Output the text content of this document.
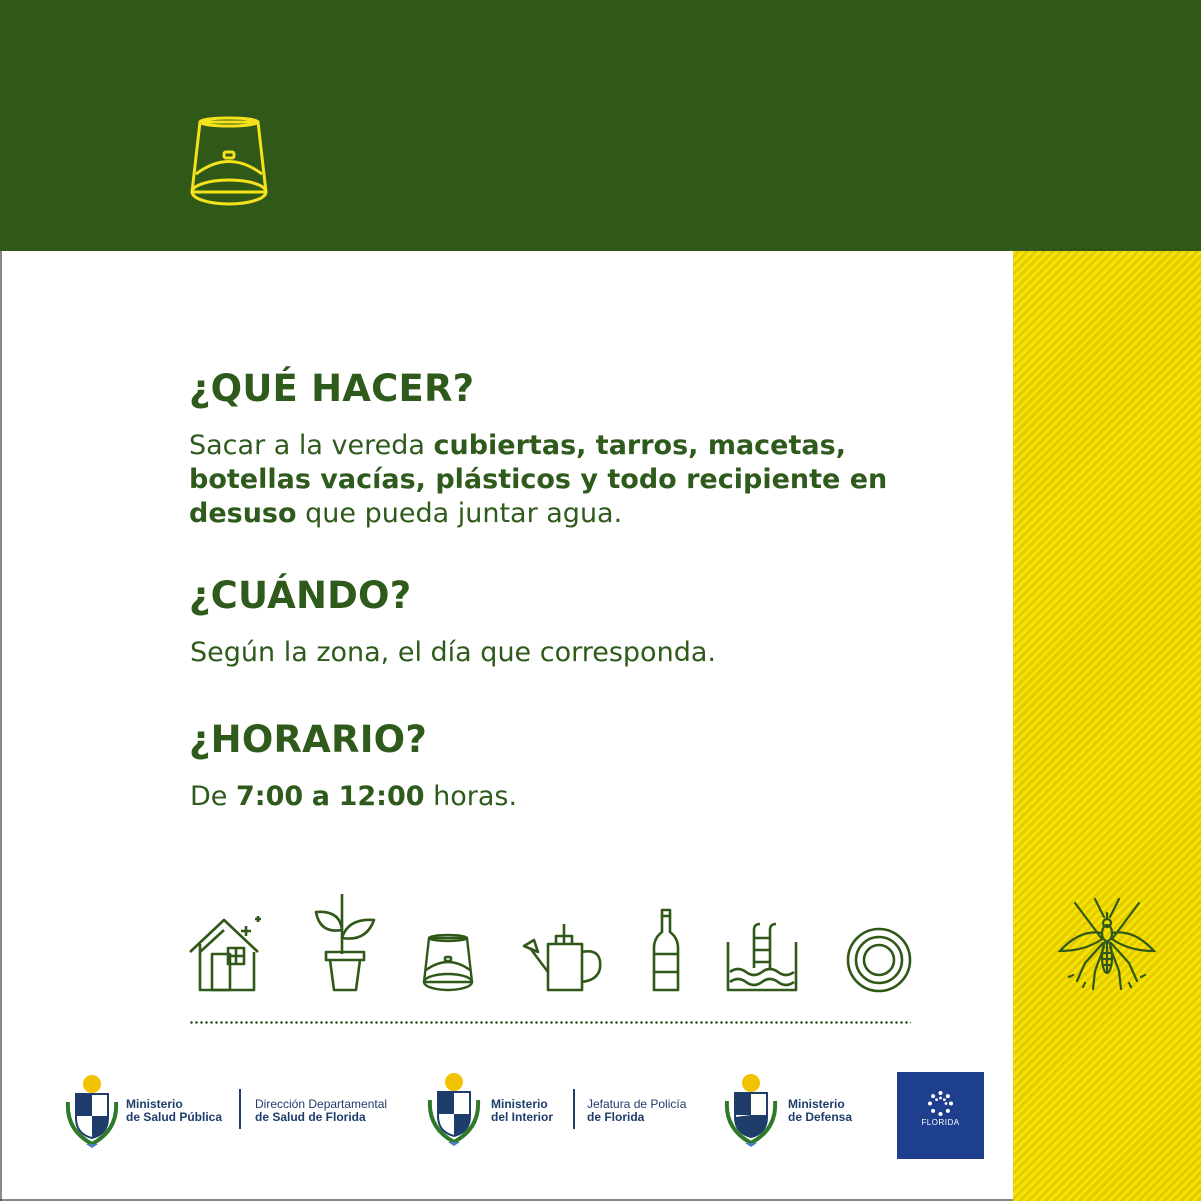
¿QUÉ HACER?

Sacar a la vereda cubiertas, tarros, macetas, botellas vacías, plásticos y todo recipiente en desuso que pueda juntar agua.

¿CUÁNDO?

Según la zona, el día que corresponda.

¿HORARIO?

De 7:00 a 12:00 horas.

Ministerio
de Salud Pública
Dirección Departamental
de Salud de Florida
Ministerio
del Interior
Jefatura de Policía
de Florida
Ministerio
de Defensa	FLORIDA
